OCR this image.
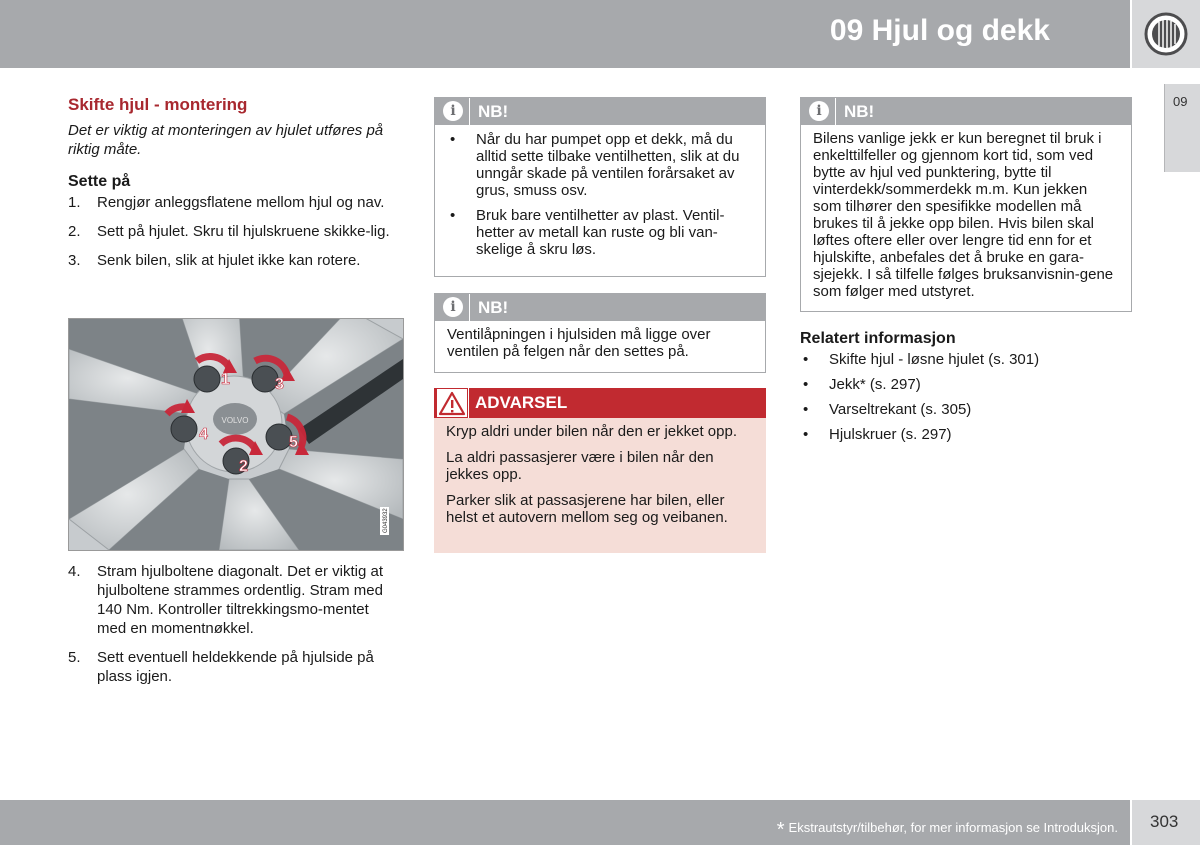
09 Hjul og dekk
09
Skifte hjul - montering

Det er viktig at monteringen av hjulet utføres på riktig måte.

Sette på
1. Rengjør anleggsflatene mellom hjul og nav.
2. Sett på hjulet. Skru til hjulskruene skikke-lig.
3. Senk bilen, slik at hjulet ikke kan rotere.
VOLVO
1
2
3
4	5
G043932
4. Stram hjulboltene diagonalt. Det er viktig at hjulboltene strammes ordentlig. Stram med 140 Nm. Kontroller tiltrekkingsmo-mentet med en momentnøkkel.
5. Sett eventuell heldekkende på hjulside på plass igjen.
i	NB!
• Når du har pumpet opp et dekk, må du alltid sette tilbake ventilhetten, slik at du unngår skade på ventilen forårsaket av grus, smuss osv.
• Bruk bare ventilhetter av plast. Ventil-hetter av metall kan ruste og bli van-skelige å skru løs.
i	NB!
Ventilåpningen i hjulsiden må ligge over ventilen på felgen når den settes på.
ADVARSEL

Kryp aldri under bilen når den er jekket opp.

La aldri passasjerer være i bilen når den jekkes opp.

Parker slik at passasjerene har bilen, eller helst et autovern mellom seg og veibanen.

i	NB!
Bilens vanlige jekk er kun beregnet til bruk i enkelttilfeller og gjennom kort tid, som ved bytte av hjul ved punktering, bytte til vinterdekk/sommerdekk m.m. Kun jekken som tilhører den spesifikke modellen må brukes til å jekke opp bilen. Hvis bilen skal løftes oftere eller over lengre tid enn for et hjulskifte, anbefales det å bruke en gara-sjejekk. I så tilfelle følges bruksanvisnin-gene som følger med utstyret.
Relatert informasjon
• Skifte hjul - løsne hjulet (s. 301)
• Jekk* (s. 297)
• Varseltrekant (s. 305)
• Hjulskruer (s. 297)
* Ekstrautstyr/tilbehør, for mer informasjon se Introduksjon. 303
